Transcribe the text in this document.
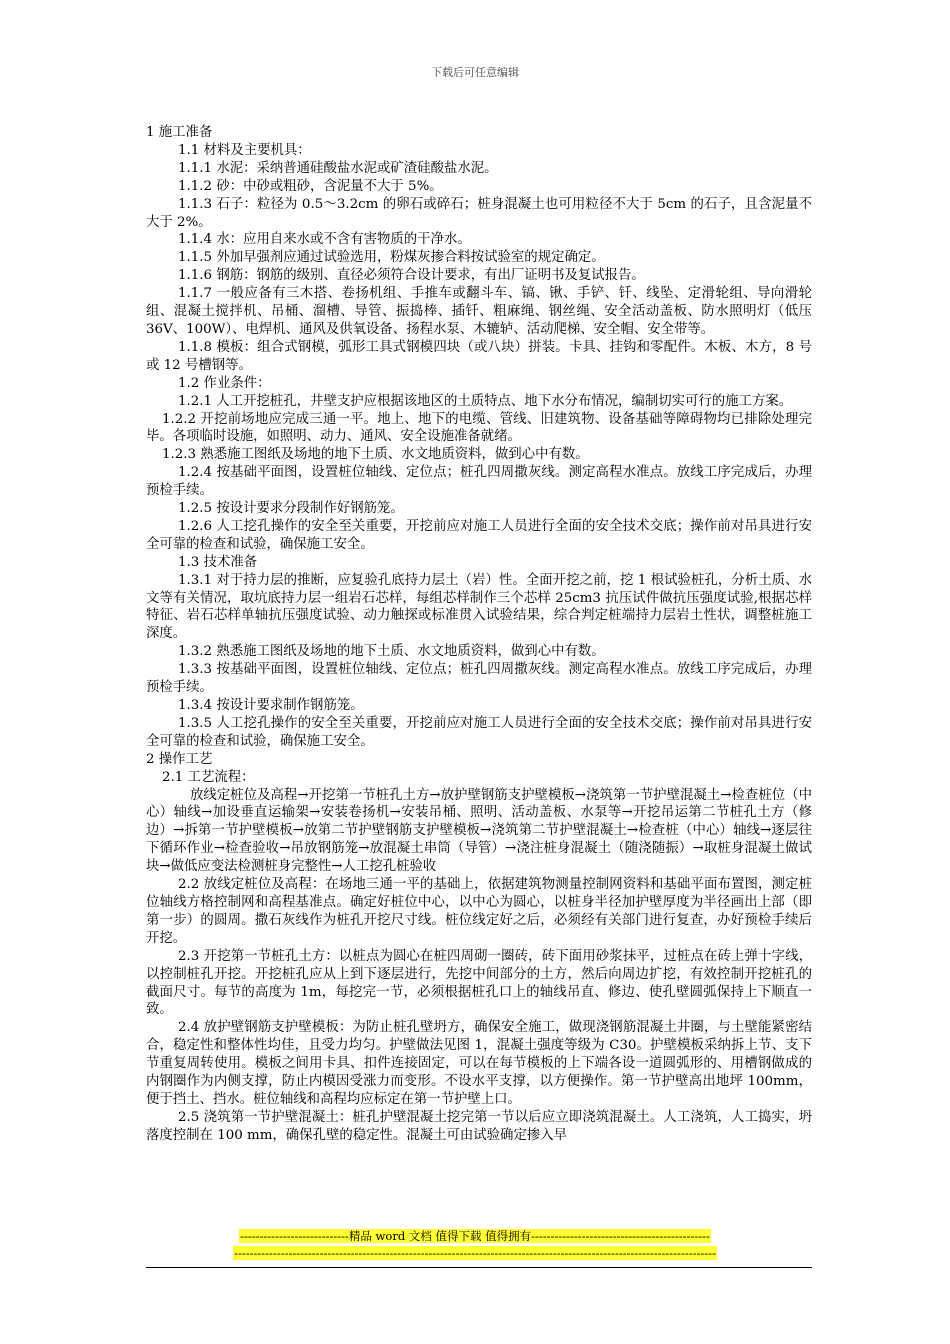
下载后可任意编辑

1 施工准备

1.1 材料及主要机具：

1.1.1 水泥：采纳普通硅酸盐水泥或矿渣硅酸盐水泥。

1.1.2 砂：中砂或粗砂，含泥量不大于 5%。

1.1.3 石子：粒径为 0.5～3.2cm 的卵石或碎石；桩身混凝土也可用粒径不大于 5cm 的石子，且含泥量不大于 2%。

1.1.4 水：应用自来水或不含有害物质的干净水。

1.1.5 外加早强剂应通过试验选用，粉煤灰掺合料按试验室的规定确定。

1.1.6 钢筋：钢筋的级别、直径必须符合设计要求，有出厂证明书及复试报告。

1.1.7 一般应备有三木搭、卷扬机组、手推车或翻斗车、镐、锹、手铲、钎、线坠、定滑轮组、导向滑轮组、混凝土搅拌机、吊桶、溜槽、导管、振捣棒、插钎、粗麻绳、钢丝绳、安全活动盖板、防水照明灯（低压 36V、100W）、电焊机、通风及供氧设备、扬程水泵、木辘轳、活动爬梯、安全帽、安全带等。

1.1.8 模板：组合式钢模，弧形工具式钢模四块（或八块）拼装。卡具、挂钩和零配件。木板、木方，8 号或 12 号槽钢等。

1.2 作业条件：

1.2.1 人工开挖桩孔，井壁支护应根据该地区的土质特点、地下水分布情况，编制切实可行的施工方案。

1.2.2 开挖前场地应完成三通一平。地上、地下的电缆、管线、旧建筑物、设备基础等障碍物均已排除处理完毕。各项临时设施，如照明、动力、通风、安全设施准备就绪。

1.2.3 熟悉施工图纸及场地的地下土质、水文地质资料，做到心中有数。

1.2.4 按基础平面图，设置桩位轴线、定位点；桩孔四周撒灰线。测定高程水准点。放线工序完成后，办理预检手续。

1.2.5 按设计要求分段制作好钢筋笼。

1.2.6 人工挖孔操作的安全至关重要，开挖前应对施工人员进行全面的安全技术交底；操作前对吊具进行安全可靠的检查和试验，确保施工安全。

1.3 技术准备

1.3.1 对于持力层的推断，应复验孔底持力层土（岩）性。全面开挖之前，挖 1 根试验桩孔，分析土质、水文等有关情况，取坑底持力层一组岩石芯样，每组芯样制作三个芯样 25cm3 抗压试件做抗压强度试验,根据芯样特征、岩石芯样单轴抗压强度试验、动力触探或标准贯入试验结果，综合判定桩端持力层岩土性状，调整桩施工深度。

1.3.2 熟悉施工图纸及场地的地下土质、水文地质资料，做到心中有数。

1.3.3 按基础平面图，设置桩位轴线、定位点；桩孔四周撒灰线。测定高程水准点。放线工序完成后，办理预检手续。

1.3.4 按设计要求制作钢筋笼。

1.3.5 人工挖孔操作的安全至关重要，开挖前应对施工人员进行全面的安全技术交底；操作前对吊具进行安全可靠的检查和试验，确保施工安全。

2 操作工艺

2.1 工艺流程：

放线定桩位及高程→开挖第一节桩孔土方→放护壁钢筋支护壁模板→浇筑第一节护壁混凝土→检查桩位（中心）轴线→加设垂直运输架→安装卷扬机→安装吊桶、照明、活动盖板、水泵等→开挖吊运第二节桩孔土方（修边）→拆第一节护壁模板→放第二节护壁钢筋支护壁模板→浇筑第二节护壁混凝土→检查桩（中心）轴线→逐层往下循环作业→检查验收→吊放钢筋笼→放混凝土串筒（导管）→浇注桩身混凝土（随浇随振）→取桩身混凝土做试块→做低应变法检测桩身完整性→人工挖孔桩验收

2.2 放线定桩位及高程：在场地三通一平的基础上，依据建筑物测量控制网资料和基础平面布置图，测定桩位轴线方格控制网和高程基准点。确定好桩位中心，以中心为圆心，以桩身半径加护壁厚度为半径画出上部（即第一步）的圆周。撒石灰线作为桩孔开挖尺寸线。桩位线定好之后，必须经有关部门进行复查，办好预检手续后开挖。

2.3 开挖第一节桩孔土方：以桩点为圆心在桩四周砌一圈砖，砖下面用砂浆抹平，过桩点在砖上弹十字线，以控制桩孔开挖。开挖桩孔应从上到下逐层进行，先挖中间部分的土方，然后向周边扩挖，有效控制开挖桩孔的截面尺寸。每节的高度为 1m，每挖完一节，必须根据桩孔口上的轴线吊直、修边、使孔壁圆弧保持上下顺直一致。

2.4 放护壁钢筋支护壁模板：为防止桩孔壁坍方，确保安全施工，做现浇钢筋混凝土井圈，与土壁能紧密结合，稳定性和整体性均佳，且受力均匀。护壁做法见图 1，混凝土强度等级为 C30。护壁模板采纳拆上节、支下节重复周转使用。模板之间用卡具、扣件连接固定，可以在每节模板的上下端各设一道圆弧形的、用槽钢做成的内钢圈作为内侧支撑，防止内模因受涨力而变形。不设水平支撑，以方便操作。第一节护壁高出地坪 100mm，便于挡土、挡水。桩位轴线和高程均应标定在第一节护壁上口。

2.5 浇筑第一节护壁混凝土：桩孔护壁混凝土挖完第一节以后应立即浇筑混凝土。人工浇筑，人工捣实，坍落度控制在 100 mm，确保孔壁的稳定性。混凝土可由试验确定掺入早

----------------------------精品 word 文档 值得下载 值得拥有----------------------------------------------
----------------------------------------------------------------------------------------------------------------------------
